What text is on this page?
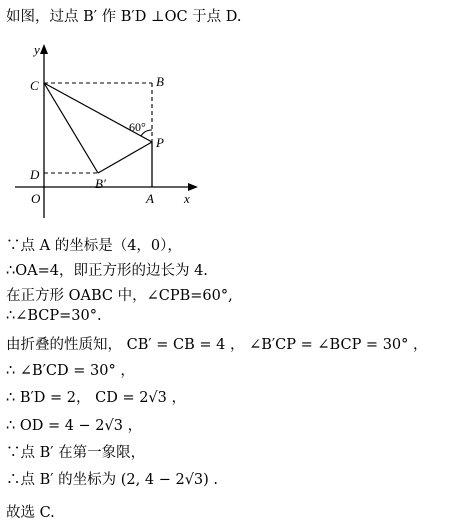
如图，过点 B′ 作 B′D ⊥OC 于点 D.
y
x
C	B
D
B′
P
O	A
60°
∵点 A 的坐标是（4，0），
∴OA=4，即正方形的边长为 4.
在正方形 OABC 中，∠CPB=60°,
∴∠BCP=30°.
由折叠的性质知， CB′ = CB = 4 ， ∠B′CP = ∠BCP = 30° ，
∴ ∠B′CD = 30° ，
∴ B′D = 2， CD = 2√3 ，
∴ OD = 4 − 2√3 ，
∵点 B′ 在第一象限，
∴点 B′ 的坐标为 (2, 4 − 2√3) .
故选 C.
